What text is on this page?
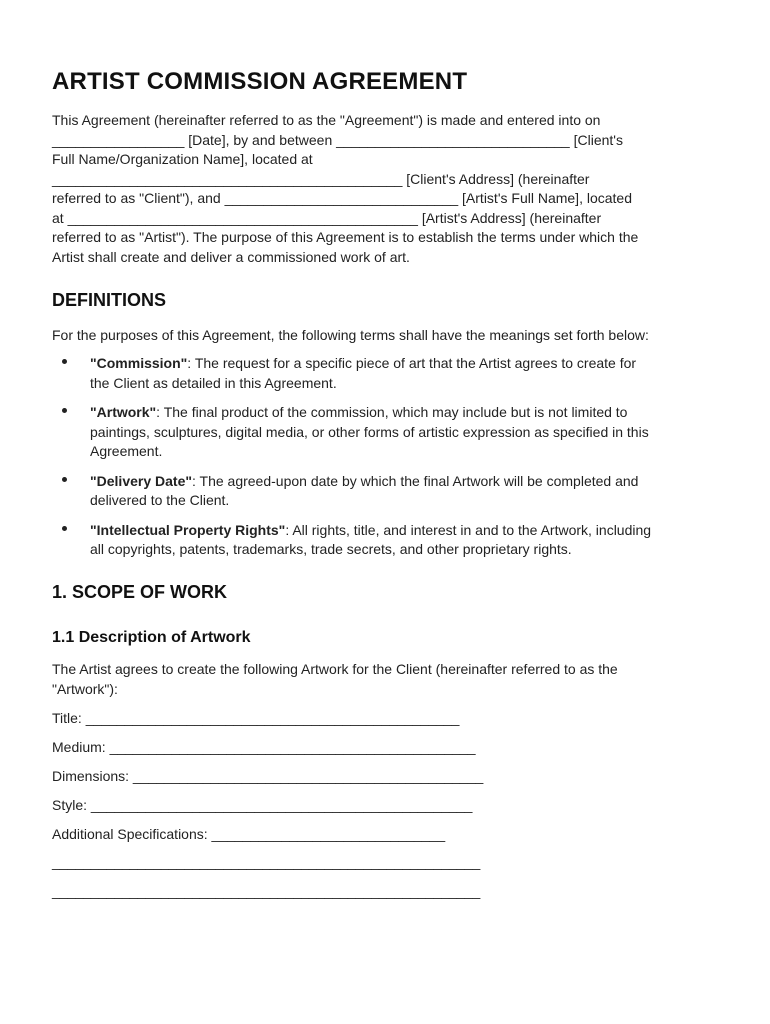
ARTIST COMMISSION AGREEMENT
This Agreement (hereinafter referred to as the "Agreement") is made and entered into on
_________________ [Date], by and between ______________________________ [Client's
Full Name/Organization Name], located at
_____________________________________________ [Client's Address] (hereinafter
referred to as "Client"), and ______________________________ [Artist's Full Name], located
at _____________________________________________ [Artist's Address] (hereinafter
referred to as "Artist"). The purpose of this Agreement is to establish the terms under which the
Artist shall create and deliver a commissioned work of art.
DEFINITIONS
For the purposes of this Agreement, the following terms shall have the meanings set forth below:
"Commission": The request for a specific piece of art that the Artist agrees to create for
the Client as detailed in this Agreement.
"Artwork": The final product of the commission, which may include but is not limited to
paintings, sculptures, digital media, or other forms of artistic expression as specified in this
Agreement.
"Delivery Date": The agreed-upon date by which the final Artwork will be completed and
delivered to the Client.
"Intellectual Property Rights": All rights, title, and interest in and to the Artwork, including
all copyrights, patents, trademarks, trade secrets, and other proprietary rights.
1. SCOPE OF WORK
1.1 Description of Artwork
The Artist agrees to create the following Artwork for the Client (hereinafter referred to as the
"Artwork"):
Title: ________________________________________________
Medium: _______________________________________________
Dimensions: _____________________________________________
Style: _________________________________________________
Additional Specifications: ______________________________
_______________________________________________________
_______________________________________________________
